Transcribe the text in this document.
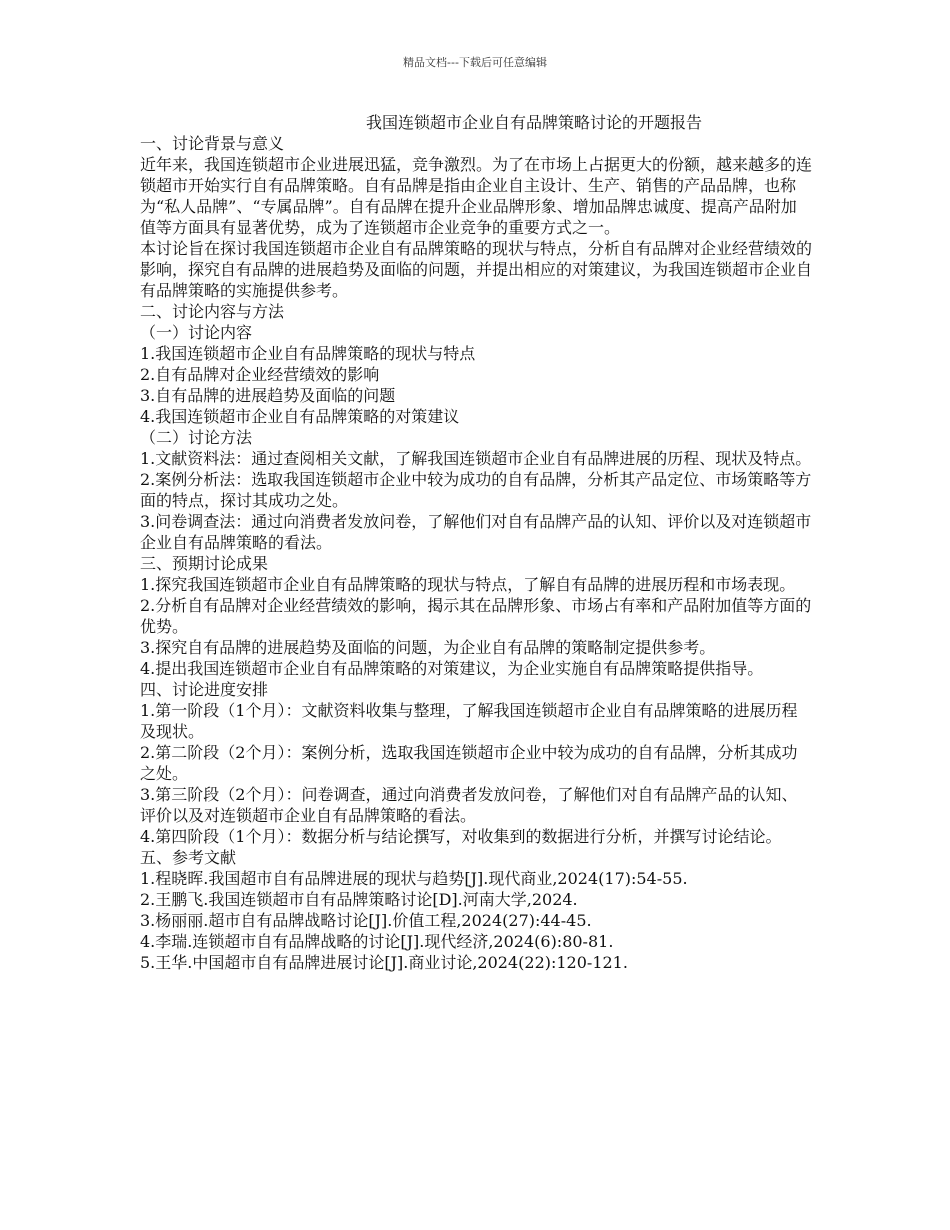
精品文档---下载后可任意编辑
我国连锁超市企业自有品牌策略讨论的开题报告

一、讨论背景与意义

近年来，我国连锁超市企业进展迅猛，竞争激烈。为了在市场上占据更大的份额，越来越多的连锁超市开始实行自有品牌策略。自有品牌是指由企业自主设计、生产、销售的产品品牌，也称为“私人品牌”、“专属品牌”。自有品牌在提升企业品牌形象、增加品牌忠诚度、提高产品附加值等方面具有显著优势，成为了连锁超市企业竞争的重要方式之一。

本讨论旨在探讨我国连锁超市企业自有品牌策略的现状与特点，分析自有品牌对企业经营绩效的影响，探究自有品牌的进展趋势及面临的问题，并提出相应的对策建议，为我国连锁超市企业自有品牌策略的实施提供参考。

二、讨论内容与方法

（一）讨论内容

1.我国连锁超市企业自有品牌策略的现状与特点

2.自有品牌对企业经营绩效的影响

3.自有品牌的进展趋势及面临的问题

4.我国连锁超市企业自有品牌策略的对策建议

（二）讨论方法

1.文献资料法：通过查阅相关文献，了解我国连锁超市企业自有品牌进展的历程、现状及特点。

2.案例分析法：选取我国连锁超市企业中较为成功的自有品牌，分析其产品定位、市场策略等方面的特点，探讨其成功之处。

3.问卷调查法：通过向消费者发放问卷，了解他们对自有品牌产品的认知、评价以及对连锁超市企业自有品牌策略的看法。

三、预期讨论成果

1.探究我国连锁超市企业自有品牌策略的现状与特点，了解自有品牌的进展历程和市场表现。

2.分析自有品牌对企业经营绩效的影响，揭示其在品牌形象、市场占有率和产品附加值等方面的优势。

3.探究自有品牌的进展趋势及面临的问题，为企业自有品牌的策略制定提供参考。

4.提出我国连锁超市企业自有品牌策略的对策建议，为企业实施自有品牌策略提供指导。

四、讨论进度安排

1.第一阶段（1个月）：文献资料收集与整理，了解我国连锁超市企业自有品牌策略的进展历程及现状。

2.第二阶段（2个月）：案例分析，选取我国连锁超市企业中较为成功的自有品牌，分析其成功之处。

3.第三阶段（2个月）：问卷调查，通过向消费者发放问卷，了解他们对自有品牌产品的认知、评价以及对连锁超市企业自有品牌策略的看法。

4.第四阶段（1个月）：数据分析与结论撰写，对收集到的数据进行分析，并撰写讨论结论。

五、参考文献

1.程晓晖.我国超市自有品牌进展的现状与趋势[J].现代商业,2024(17):54-55.

2.王鹏飞.我国连锁超市自有品牌策略讨论[D].河南大学,2024.

3.杨丽丽.超市自有品牌战略讨论[J].价值工程,2024(27):44-45.

4.李瑞.连锁超市自有品牌战略的讨论[J].现代经济,2024(6):80-81.

5.王华.中国超市自有品牌进展讨论[J].商业讨论,2024(22):120-121.
